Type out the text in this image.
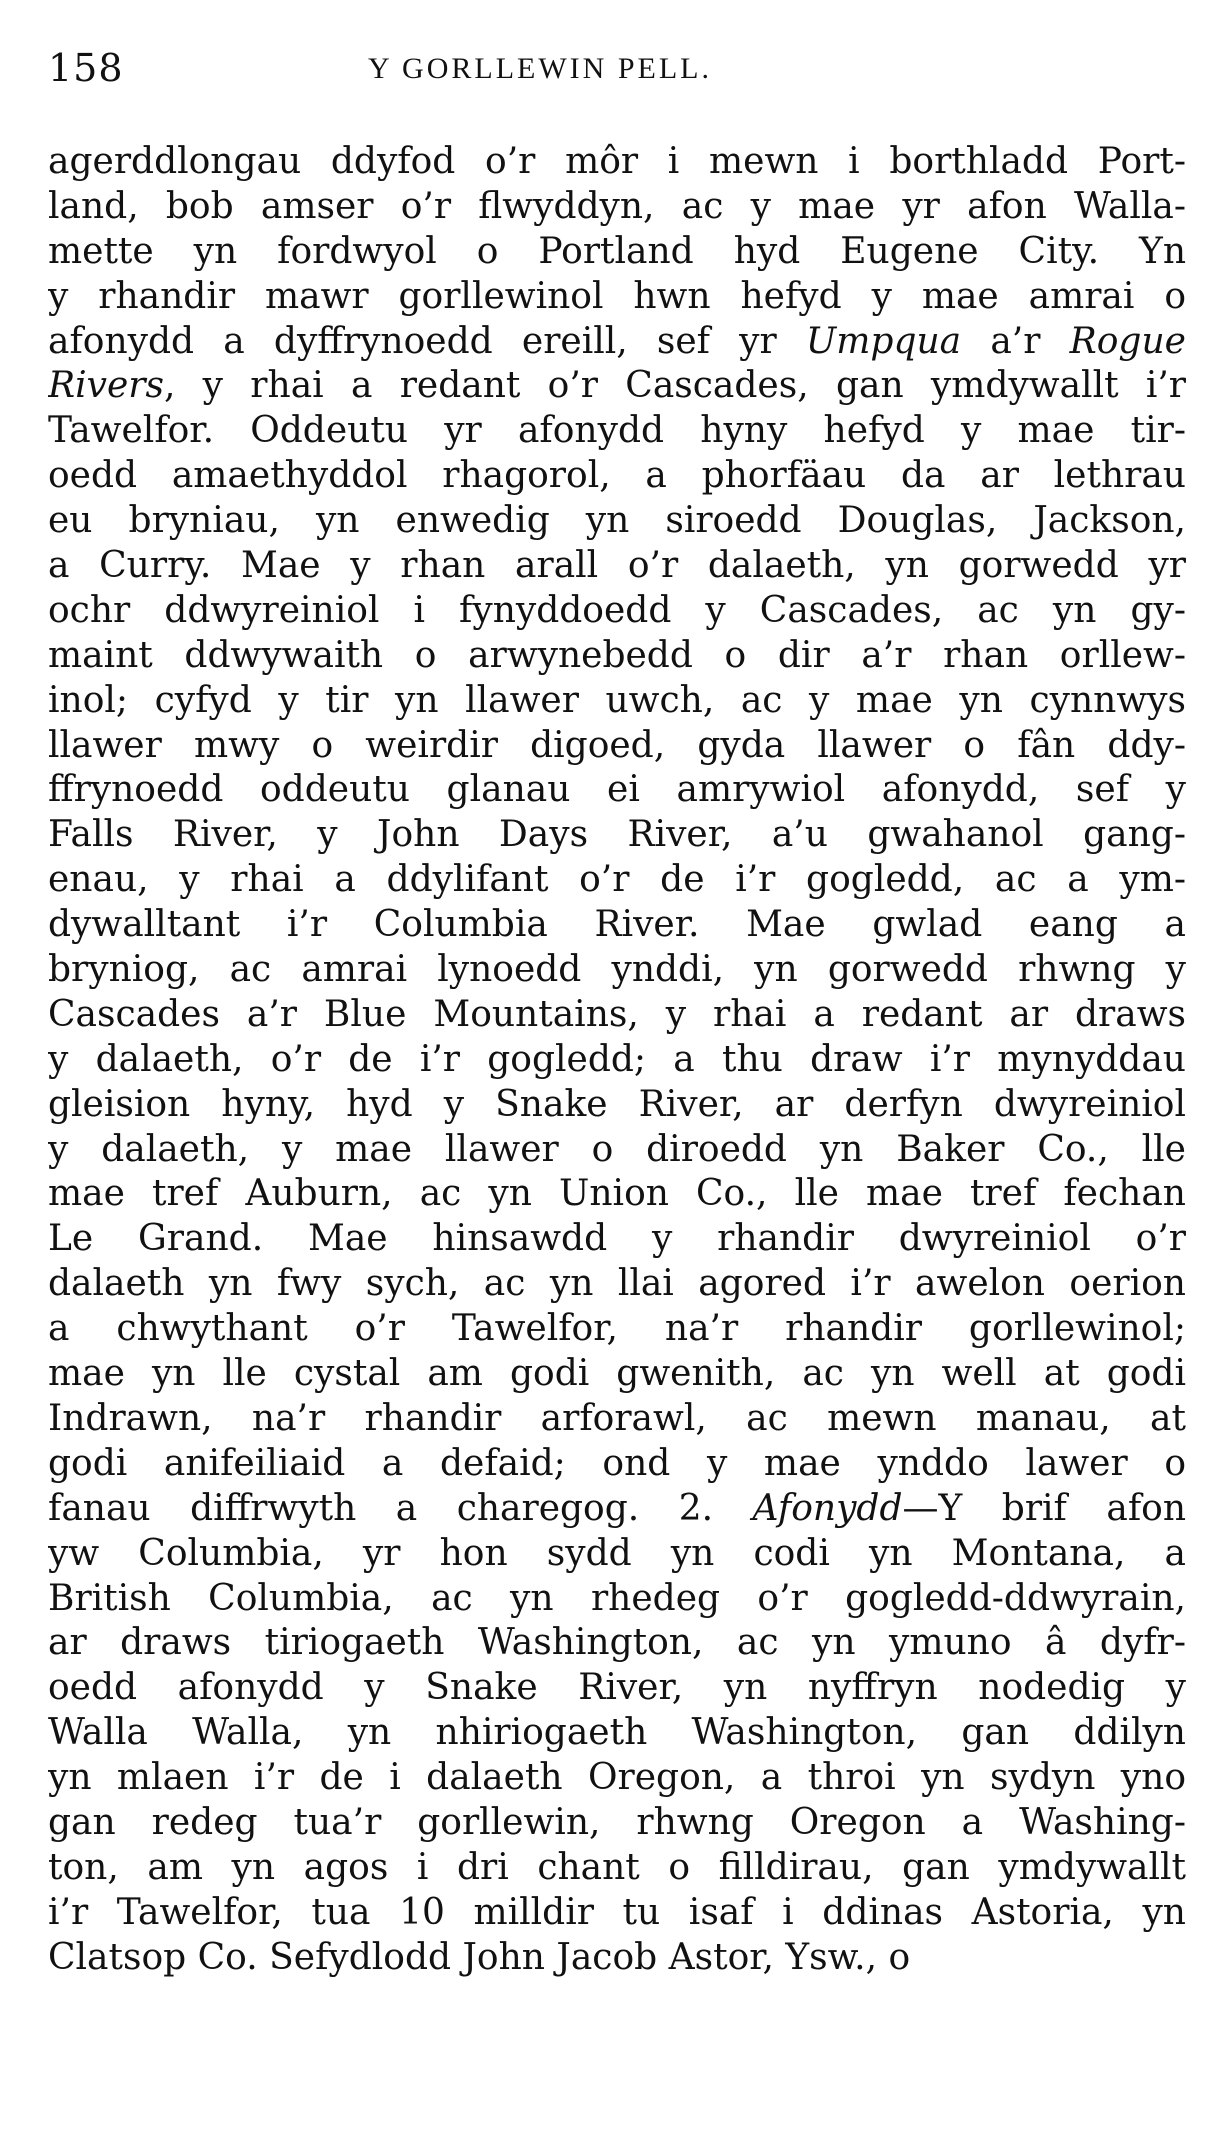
158	Y GORLLEWIN PELL.
agerddlongau ddyfod o’r môr i mewn i borthladd Port-
land, bob amser o’r flwyddyn, ac y mae yr afon Walla-
mette yn fordwyol o Portland hyd Eugene City. Yn
y rhandir mawr gorllewinol hwn hefyd y mae amrai o
afonydd a dyffrynoedd ereill, sef yr Umpqua a’r Rogue
Rivers, y rhai a redant o’r Cascades, gan ymdywallt i’r
Tawelfor. Oddeutu yr afonydd hyny hefyd y mae tir-
oedd amaethyddol rhagorol, a phorfäau da ar lethrau
eu bryniau, yn enwedig yn siroedd Douglas, Jackson,
a Curry. Mae y rhan arall o’r dalaeth, yn gorwedd yr
ochr ddwyreiniol i fynyddoedd y Cascades, ac yn gy-
maint ddwywaith o arwynebedd o dir a’r rhan orllew-
inol; cyfyd y tir yn llawer uwch, ac y mae yn cynnwys
llawer mwy o weirdir digoed, gyda llawer o fân ddy-
ffrynoedd oddeutu glanau ei amrywiol afonydd, sef y
Falls River, y John Days River, a’u gwahanol gang-
enau, y rhai a ddylifant o’r de i’r gogledd, ac a ym-
dywalltant i’r Columbia River. Mae gwlad eang a
bryniog, ac amrai lynoedd ynddi, yn gorwedd rhwng y
Cascades a’r Blue Mountains, y rhai a redant ar draws
y dalaeth, o’r de i’r gogledd; a thu draw i’r mynyddau
gleision hyny, hyd y Snake River, ar derfyn dwyreiniol
y dalaeth, y mae llawer o diroedd yn Baker Co., lle
mae tref Auburn, ac yn Union Co., lle mae tref fechan
Le Grand. Mae hinsawdd y rhandir dwyreiniol o’r
dalaeth yn fwy sych, ac yn llai agored i’r awelon oerion
a chwythant o’r Tawelfor, na’r rhandir gorllewinol;
mae yn lle cystal am godi gwenith, ac yn well at godi
Indrawn, na’r rhandir arforawl, ac mewn manau, at
godi anifeiliaid a defaid; ond y mae ynddo lawer o
fanau diffrwyth a charegog. 2. Afonydd—Y brif afon
yw Columbia, yr hon sydd yn codi yn Montana, a
British Columbia, ac yn rhedeg o’r gogledd-ddwyrain,
ar draws tiriogaeth Washington, ac yn ymuno â dyfr-
oedd afonydd y Snake River, yn nyffryn nodedig y
Walla Walla, yn nhiriogaeth Washington, gan ddilyn
yn mlaen i’r de i dalaeth Oregon, a throi yn sydyn yno
gan redeg tua’r gorllewin, rhwng Oregon a Washing-
ton, am yn agos i dri chant o filldirau, gan ymdywallt
i’r Tawelfor, tua 10 milldir tu isaf i ddinas Astoria, yn
Clatsop Co. Sefydlodd John Jacob Astor, Ysw., o
